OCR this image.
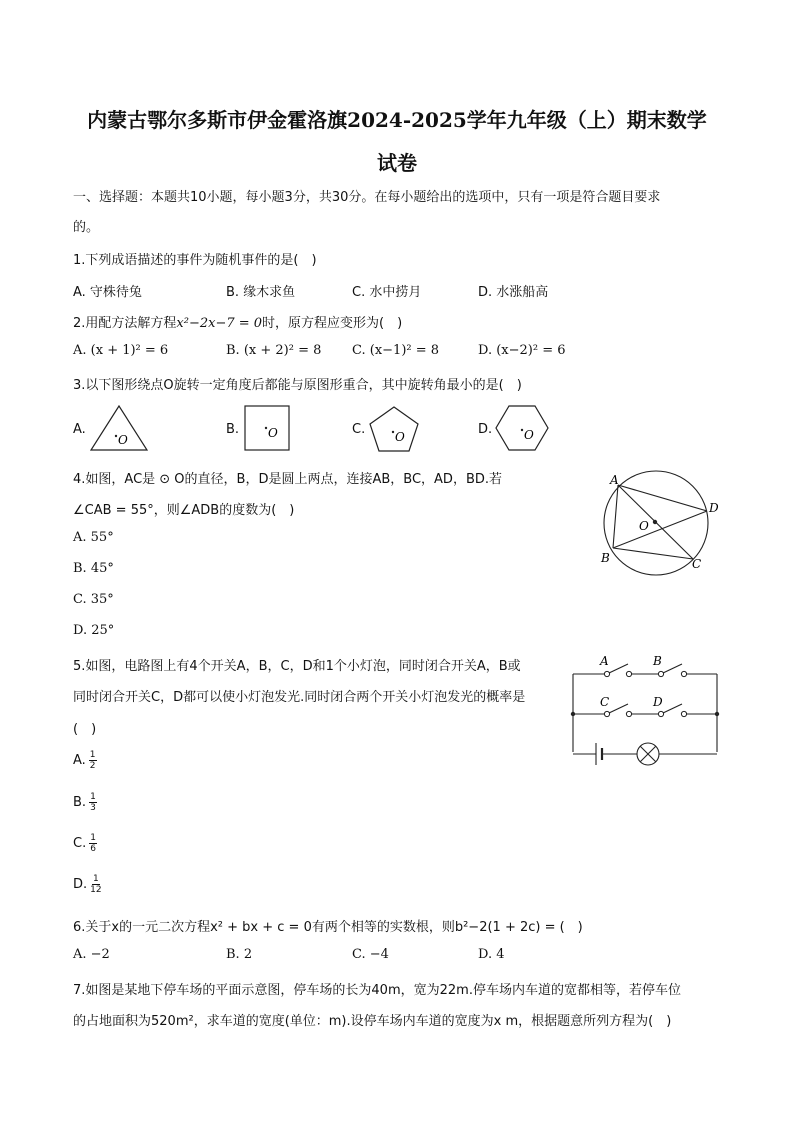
内蒙古鄂尔多斯市伊金霍洛旗2024-2025学年九年级（上）期末数学
试卷
一、选择题：本题共10小题，每小题3分，共30分。在每小题给出的选项中，只有一项是符合题目要求
的。
1.下列成语描述的事件为随机事件的是(　)
A. 守株待兔	B. 缘木求鱼	C. 水中捞月	D. 水涨船高
2.用配方法解方程x²−2x−7 = 0时，原方程应变形为(　)
A. (x + 1)² = 6	B. (x + 2)² = 8 C. (x−1)² = 8	D. (x−2)² = 6
3.以下图形绕点O旋转一定角度后都能与原图形重合，其中旋转角最小的是(　)
A.
O
B. O	C. O	D.	O
4.如图，AC是 ⊙ O的直径，B，D是圆上两点，连接AB，BC，AD，BD.若
∠CAB = 55°，则∠ADB的度数为(　)
A. 55°
B. 45°
C. 35°
D. 25°
A
D
O
B	C
5.如图，电路图上有4个开关A，B，C，D和1个小灯泡，同时闭合开关A，B或
同时闭合开关C，D都可以使小灯泡发光.同时闭合两个开关小灯泡发光的概率是
(　)
A. $\frac{1}{2}$
B. $\frac{1}{3}$
C. $\frac{1}{6}$
D. $\frac{1}{12}$
A	B
C	D
6.关于x的一元二次方程x² + bx + c = 0有两个相等的实数根，则b²−2(1 + 2c) = (　)
A. −2	B. 2	C. −4	D. 4
7.如图是某地下停车场的平面示意图，停车场的长为40m，宽为22m.停车场内车道的宽都相等，若停车位
的占地面积为520m²，求车道的宽度(单位：m).设停车场内车道的宽度为x m，根据题意所列方程为(　)
